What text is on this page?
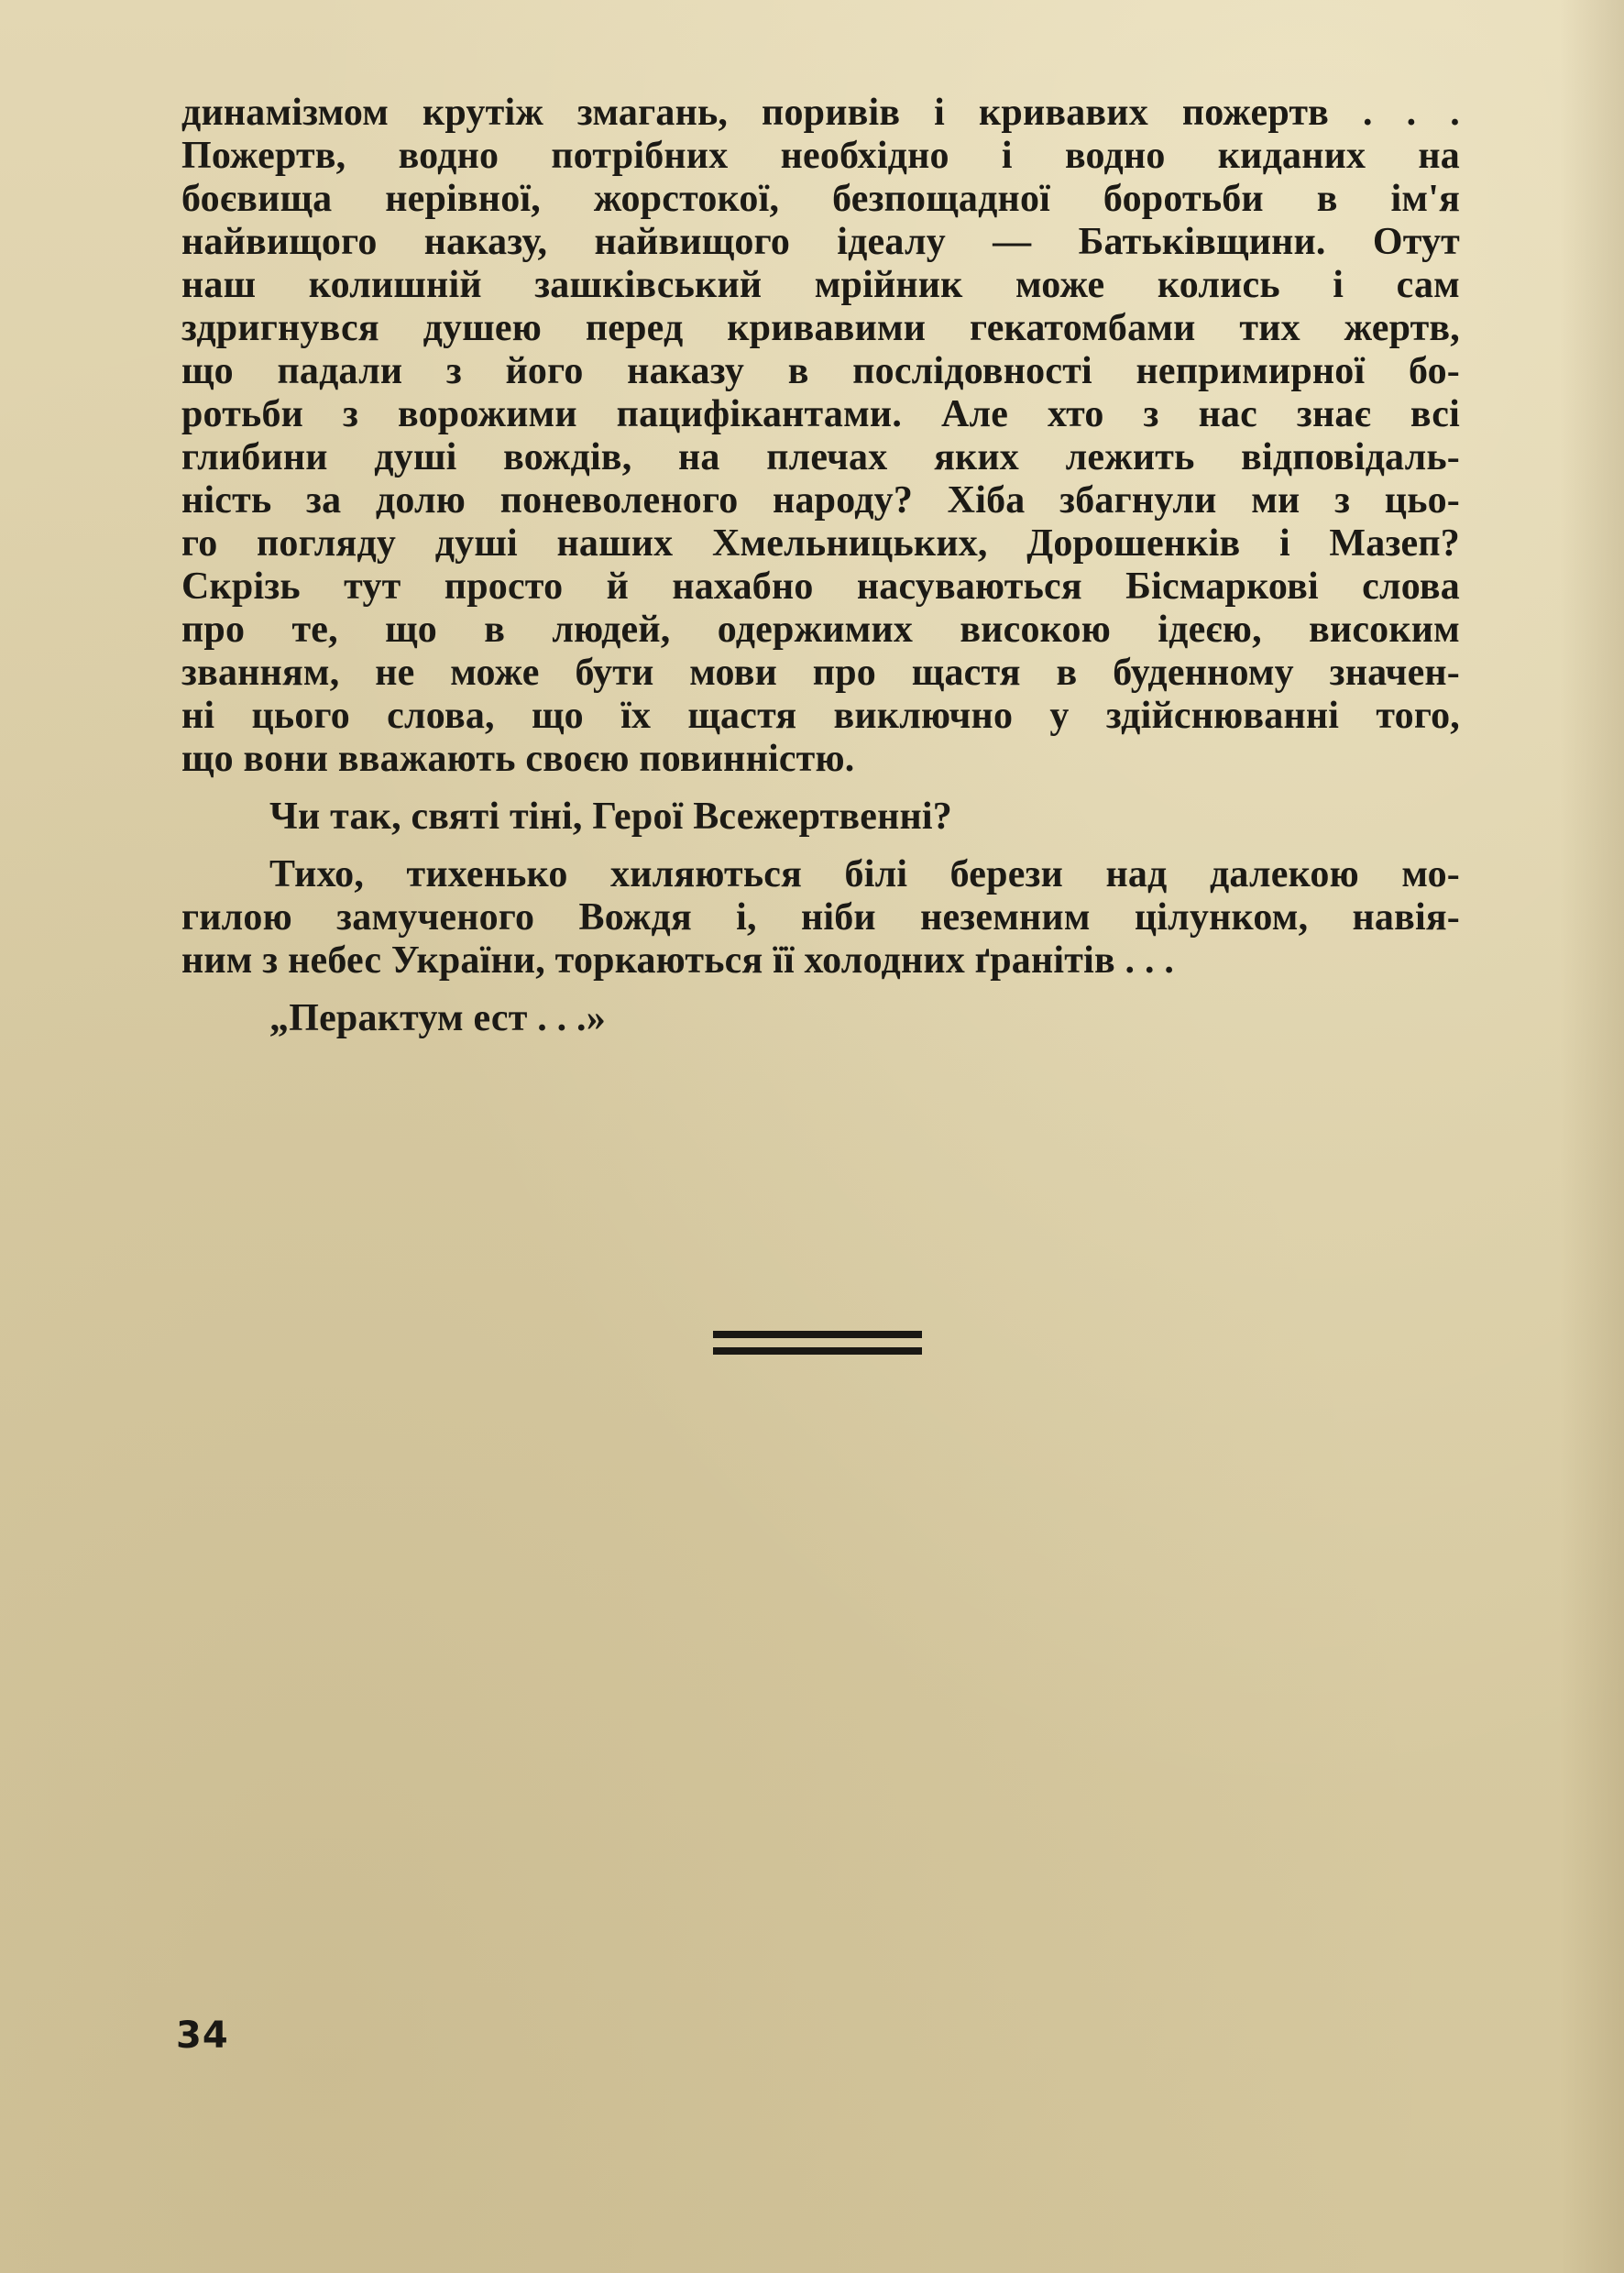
динамізмом крутіж змагань, поривів і кривавих пожертв . . .
Пожертв, водно потрібних необхідно і водно киданих на
боєвища нерівної, жорстокої, безпощадної боротьби в ім'я
найвищого наказу, найвищого ідеалу — Батьківщини. Отут
наш колишній зашківський мрійник може колись і сам
здригнувся душею перед кривавими гекатомбами тих жертв,
що падали з його наказу в послідовності непримирної бо-
ротьби з ворожими пацифікантами. Але хто з нас знає всі
глибини душі вождів, на плечах яких лежить відповідаль-
ність за долю поневоленого народу? Хіба збагнули ми з цьо-
го погляду душі наших Хмельницьких, Дорошенків і Мазеп?
Скрізь тут просто й нахабно насуваються Бісмаркові слова
про те, що в людей, одержимих високою ідеєю, високим
званням, не може бути мови про щастя в буденному значен-
ні цього слова, що їх щастя виключно у здійснюванні того,
що вони вважають своєю повинністю.
Чи так, святі тіні, Герої Всежертвенні?
Тихо, тихенько хиляються білі берези над далекою мо-
гилою замученого Вождя і, ніби неземним цілунком, навія-
ним з небес України, торкаються її холодних ґранітів . . .
„Перактум ест . . .»
34
